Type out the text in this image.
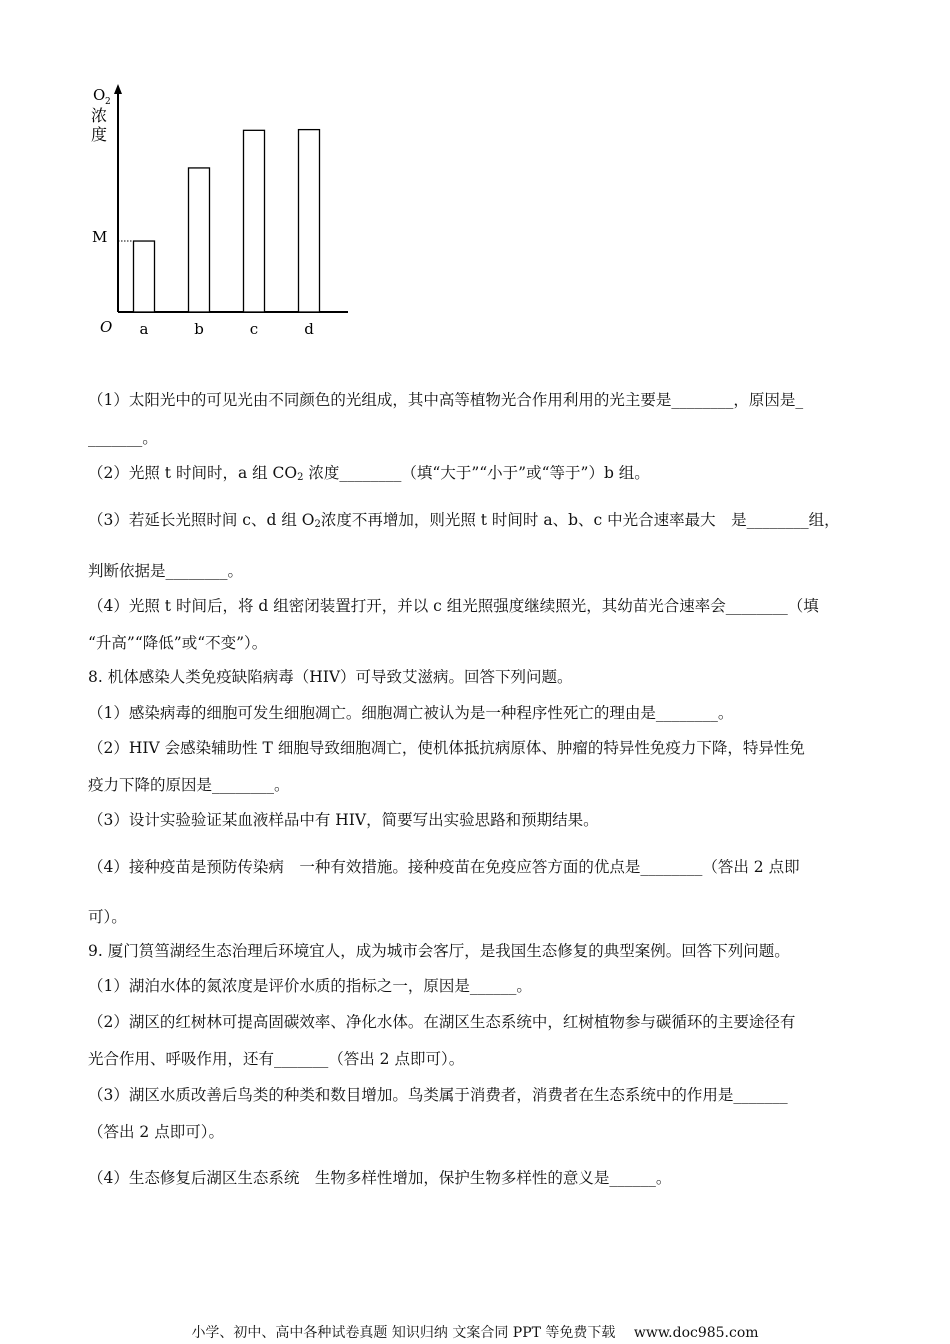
O 2
浓
度
M
O a	b	c	d
（1）太阳光中的可见光由不同颜色的光组成，其中高等植物光合作用利用的光主要是________，原因是_
_______。
（2）光照 t 时间时，a 组 $CO_2$ 浓度________（填“大于”“小于”或“等于”）b 组。
（3）若延长光照时间 c、d 组 $O_2$浓度不再增加，则光照 t 时间时 a、b、c 中光合速率最大　是________组，
判断依据是________。
（4）光照 t 时间后，将 d 组密闭装置打开，并以 c 组光照强度继续照光，其幼苗光合速率会________（填
“升高”“降低”或“不变”）。
8. 机体感染人类免疫缺陷病毒（HIV）可导致艾滋病。回答下列问题。
（1）感染病毒的细胞可发生细胞凋亡。细胞凋亡被认为是一种程序性死亡的理由是________。
（2）HIV 会感染辅助性 T 细胞导致细胞凋亡，使机体抵抗病原体、肿瘤的特异性免疫力下降，特异性免
疫力下降的原因是________。
（3）设计实验验证某血液样品中有 HIV，简要写出实验思路和预期结果。
（4）接种疫苗是预防传染病　一种有效措施。接种疫苗在免疫应答方面的优点是________（答出 2 点即
可）。
9. 厦门筼筜湖经生态治理后环境宜人，成为城市会客厅，是我国生态修复的典型案例。回答下列问题。
（1）湖泊水体的氮浓度是评价水质的指标之一，原因是______。
（2）湖区的红树林可提高固碳效率、净化水体。在湖区生态系统中，红树植物参与碳循环的主要途径有
光合作用、呼吸作用，还有_______（答出 2 点即可）。
（3）湖区水质改善后鸟类的种类和数目增加。鸟类属于消费者，消费者在生态系统中的作用是_______
（答出 2 点即可）。
（4）生态修复后湖区生态系统　生物多样性增加，保护生物多样性的意义是______。
小学、初中、高中各种试卷真题 知识归纳 文案合同 PPT 等免费下载　 www.doc985.com
